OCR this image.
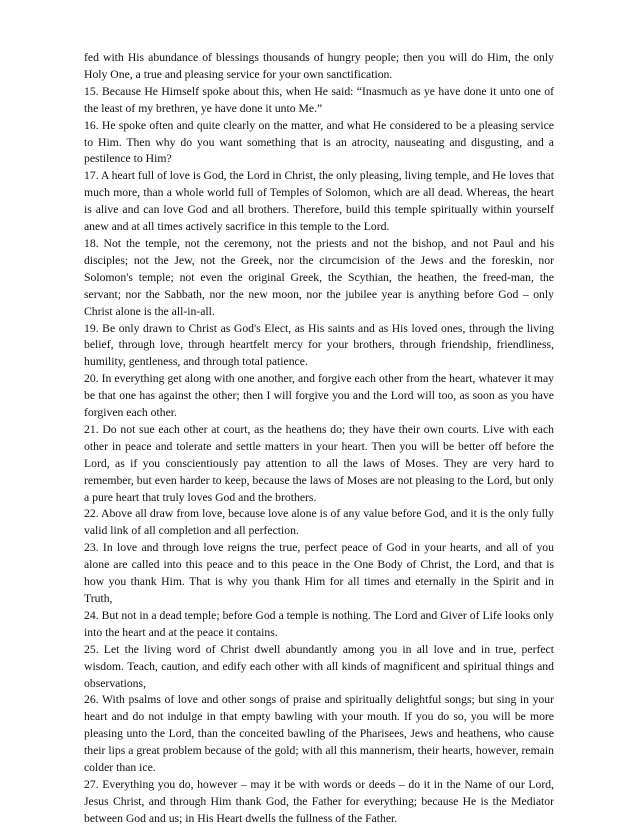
fed with His abundance of blessings thousands of hungry people; then you will do Him, the only Holy One, a true and pleasing service for your own sanctification.

15. Because He Himself spoke about this, when He said: “Inasmuch as ye have done it unto one of the least of my brethren, ye have done it unto Me.”

16. He spoke often and quite clearly on the matter, and what He considered to be a pleasing service to Him. Then why do you want something that is an atrocity, nauseating and disgusting, and a pestilence to Him?

17. A heart full of love is God, the Lord in Christ, the only pleasing, living temple, and He loves that much more, than a whole world full of Temples of Solomon, which are all dead. Whereas, the heart is alive and can love God and all brothers. Therefore, build this temple spiritually within yourself anew and at all times actively sacrifice in this temple to the Lord.

18. Not the temple, not the ceremony, not the priests and not the bishop, and not Paul and his disciples; not the Jew, not the Greek, nor the circumcision of the Jews and the foreskin, nor Solomon's temple; not even the original Greek, the Scythian, the heathen, the freed-man, the servant; nor the Sabbath, nor the new moon, nor the jubilee year is anything before God – only Christ alone is the all-in-all.

19. Be only drawn to Christ as God's Elect, as His saints and as His loved ones, through the living belief, through love, through heartfelt mercy for your brothers, through friendship, friendliness, humility, gentleness, and through total patience.

20. In everything get along with one another, and forgive each other from the heart, whatever it may be that one has against the other; then I will forgive you and the Lord will too, as soon as you have forgiven each other.

21. Do not sue each other at court, as the heathens do; they have their own courts. Live with each other in peace and tolerate and settle matters in your heart. Then you will be better off before the Lord, as if you conscientiously pay attention to all the laws of Moses. They are very hard to remember, but even harder to keep, because the laws of Moses are not pleasing to the Lord, but only a pure heart that truly loves God and the brothers.

22. Above all draw from love, because love alone is of any value before God, and it is the only fully valid link of all completion and all perfection.

23. In love and through love reigns the true, perfect peace of God in your hearts, and all of you alone are called into this peace and to this peace in the One Body of Christ, the Lord, and that is how you thank Him. That is why you thank Him for all times and eternally in the Spirit and in Truth,

24. But not in a dead temple; before God a temple is nothing. The Lord and Giver of Life looks only into the heart and at the peace it contains.

25. Let the living word of Christ dwell abundantly among you in all love and in true, perfect wisdom. Teach, caution, and edify each other with all kinds of magnificent and spiritual things and observations,

26. With psalms of love and other songs of praise and spiritually delightful songs; but sing in your heart and do not indulge in that empty bawling with your mouth. If you do so, you will be more pleasing unto the Lord, than the conceited bawling of the Pharisees, Jews and heathens, who cause their lips a great problem because of the gold; with all this mannerism, their hearts, however, remain colder than ice.

27. Everything you do, however – may it be with words or deeds – do it in the Name of our Lord, Jesus Christ, and through Him thank God, the Father for everything; because He is the Mediator between God and us; in His Heart dwells the fullness of the Father.
